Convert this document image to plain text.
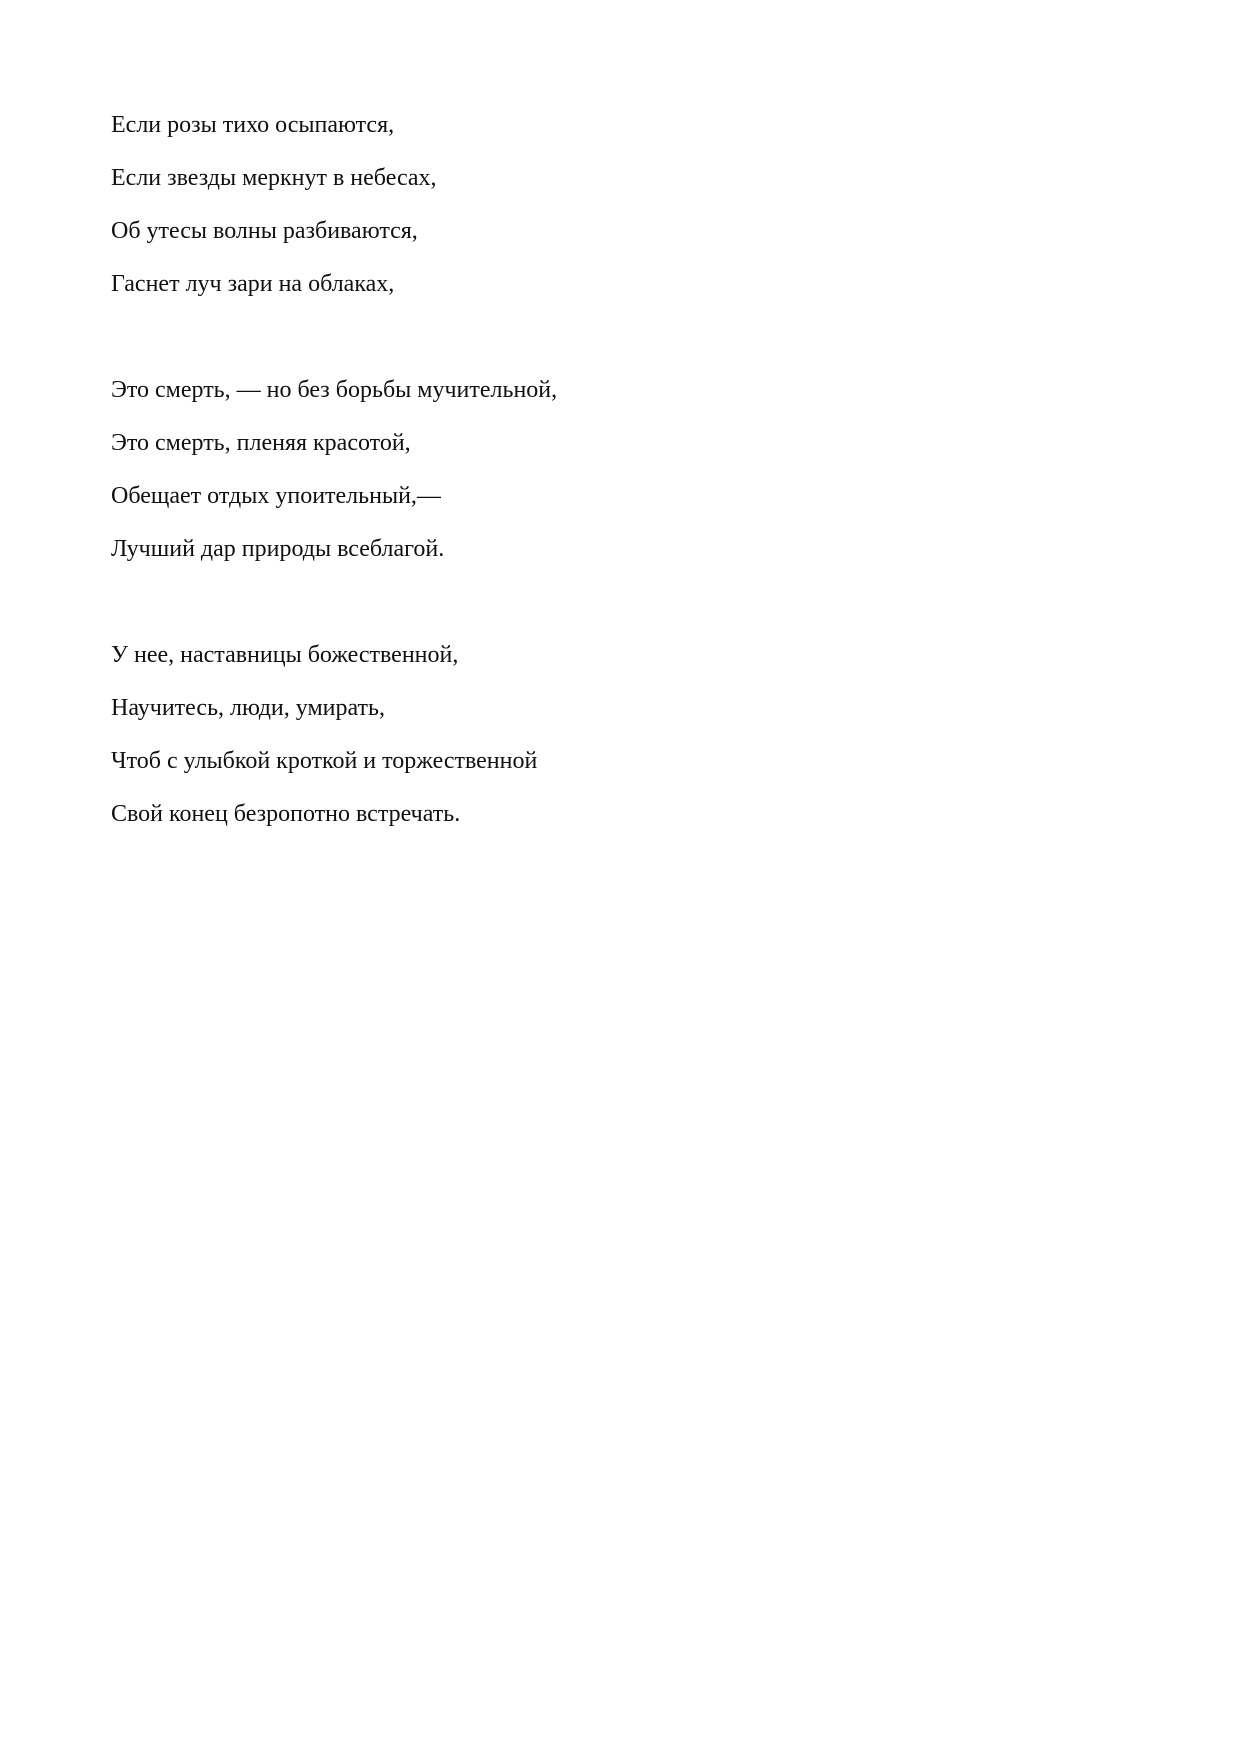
Если розы тихо осыпаются,
Если звезды меркнут в небесах,
Об утесы волны разбиваются,
Гаснет луч зари на облаках,
Это смерть, — но без борьбы мучительной,
Это смерть, пленяя красотой,
Обещает отдых упоительный,—
Лучший дар природы всеблагой.
У нее, наставницы божественной,
Научитесь, люди, умирать,
Чтоб с улыбкой кроткой и торжественной
Свой конец безропотно встречать.
